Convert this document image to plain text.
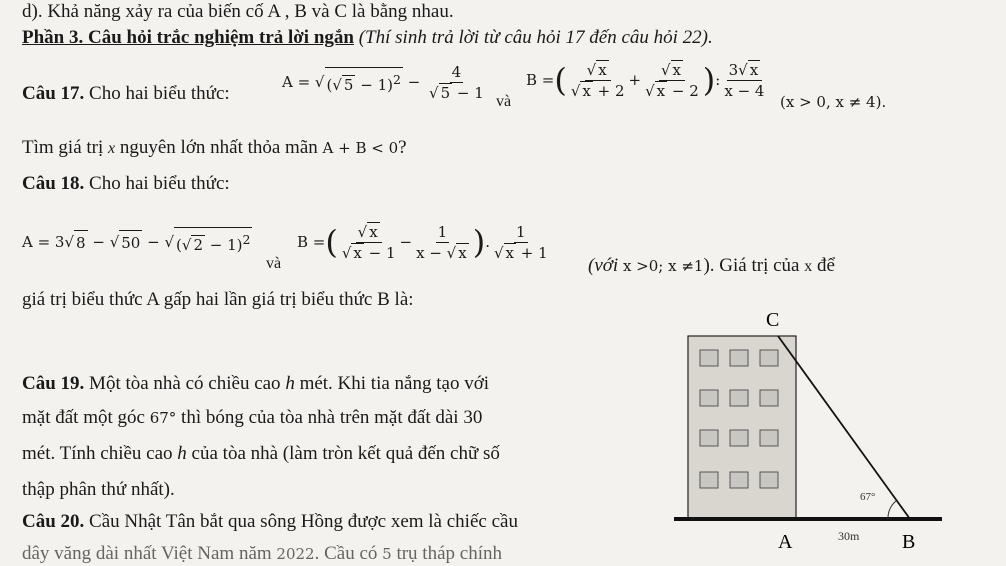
d). Khả năng xảy ra của biến cố A , B và C là bằng nhau.
Phần 3. Câu hỏi trắc nghiệm trả lời ngắn (Thí sinh trả lời từ câu hỏi 17 đến câu hỏi 22).
Câu 17. Cho hai biểu thức:
A = √ (√ 5 − 1)$^2$ −
4
√ 5 − 1 và
B = ( √ x
√ x + 2
+
√ x
√ x − 2 ) :
3√ x
x − 4
(x > 0, x ≠ 4).
Tìm giá trị x nguyên lớn nhất thỏa mãn A + B < 0?
Câu 18. Cho hai biểu thức:
A = 3√ 8 − √ 50 − √ (√ 2 − 1)$^2$
và
B = ( √ x
√ x − 1
−
1
x − √ x ) .
1
√ x + 1
(với x >0; x ≠1). Giá trị của x để
giá trị biểu thức A gấp hai lần giá trị biểu thức B là:
Câu 19. Một tòa nhà có chiều cao h mét. Khi tia nắng tạo với
mặt đất một góc 67° thì bóng của tòa nhà trên mặt đất dài 30
mét. Tính chiều cao h của tòa nhà (làm tròn kết quả đến chữ số
thập phân thứ nhất).
Câu 20. Cầu Nhật Tân bắt qua sông Hồng được xem là chiếc cầu
dây văng dài nhất Việt Nam năm 2022. Cầu có 5 trụ tháp chính
67°
C
A	30m B
